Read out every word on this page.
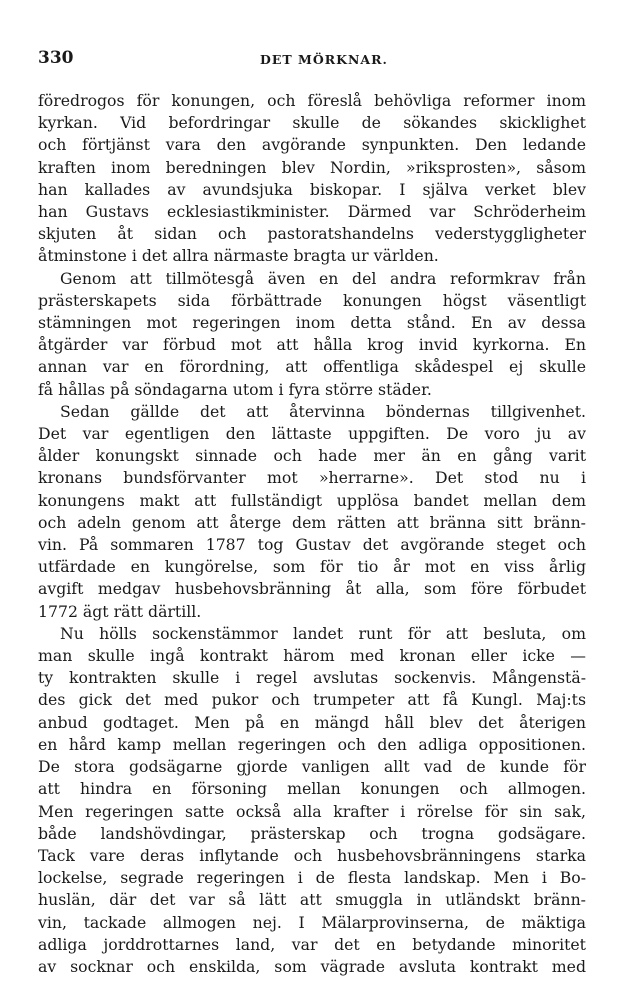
330	DET MÖRKNAR.
föredrogos för konungen, och föreslå behövliga reformer inom
kyrkan. Vid befordringar skulle de sökandes skicklighet
och förtjänst vara den avgörande synpunkten. Den ledande
kraften inom beredningen blev Nordin, »riksprosten», såsom
han kallades av avundsjuka biskopar. I själva verket blev
han Gustavs ecklesiastikminister. Därmed var Schröderheim
skjuten åt sidan och pastoratshandelns vederstyggligheter
åtminstone i det allra närmaste bragta ur världen.
Genom att tillmötesgå även en del andra reformkrav från
prästerskapets sida förbättrade konungen högst väsentligt
stämningen mot regeringen inom detta stånd. En av dessa
åtgärder var förbud mot att hålla krog invid kyrkorna. En
annan var en förordning, att offentliga skådespel ej skulle
få hållas på söndagarna utom i fyra större städer.
Sedan gällde det att återvinna böndernas tillgivenhet.
Det var egentligen den lättaste uppgiften. De voro ju av
ålder konungskt sinnade och hade mer än en gång varit
kronans bundsförvanter mot »herrarne». Det stod nu i
konungens makt att fullständigt upplösa bandet mellan dem
och adeln genom att återge dem rätten att bränna sitt bränn-
vin. På sommaren 1787 tog Gustav det avgörande steget och
utfärdade en kungörelse, som för tio år mot en viss årlig
avgift medgav husbehovsbränning åt alla, som före förbudet
1772 ägt rätt därtill.
Nu hölls sockenstämmor landet runt för att besluta, om
man skulle ingå kontrakt härom med kronan eller icke —
ty kontrakten skulle i regel avslutas sockenvis. Mångenstä-
des gick det med pukor och trumpeter att få Kungl. Maj:ts
anbud godtaget. Men på en mängd håll blev det återigen
en hård kamp mellan regeringen och den adliga oppositionen.
De stora godsägarne gjorde vanligen allt vad de kunde för
att hindra en försoning mellan konungen och allmogen.
Men regeringen satte också alla krafter i rörelse för sin sak,
både landshövdingar, prästerskap och trogna godsägare.
Tack vare deras inflytande och husbehovsbränningens starka
lockelse, segrade regeringen i de flesta landskap. Men i Bo-
huslän, där det var så lätt att smuggla in utländskt bränn-
vin, tackade allmogen nej. I Mälarprovinserna, de mäktiga
adliga jorddrottarnes land, var det en betydande minoritet
av socknar och enskilda, som vägrade avsluta kontrakt med
